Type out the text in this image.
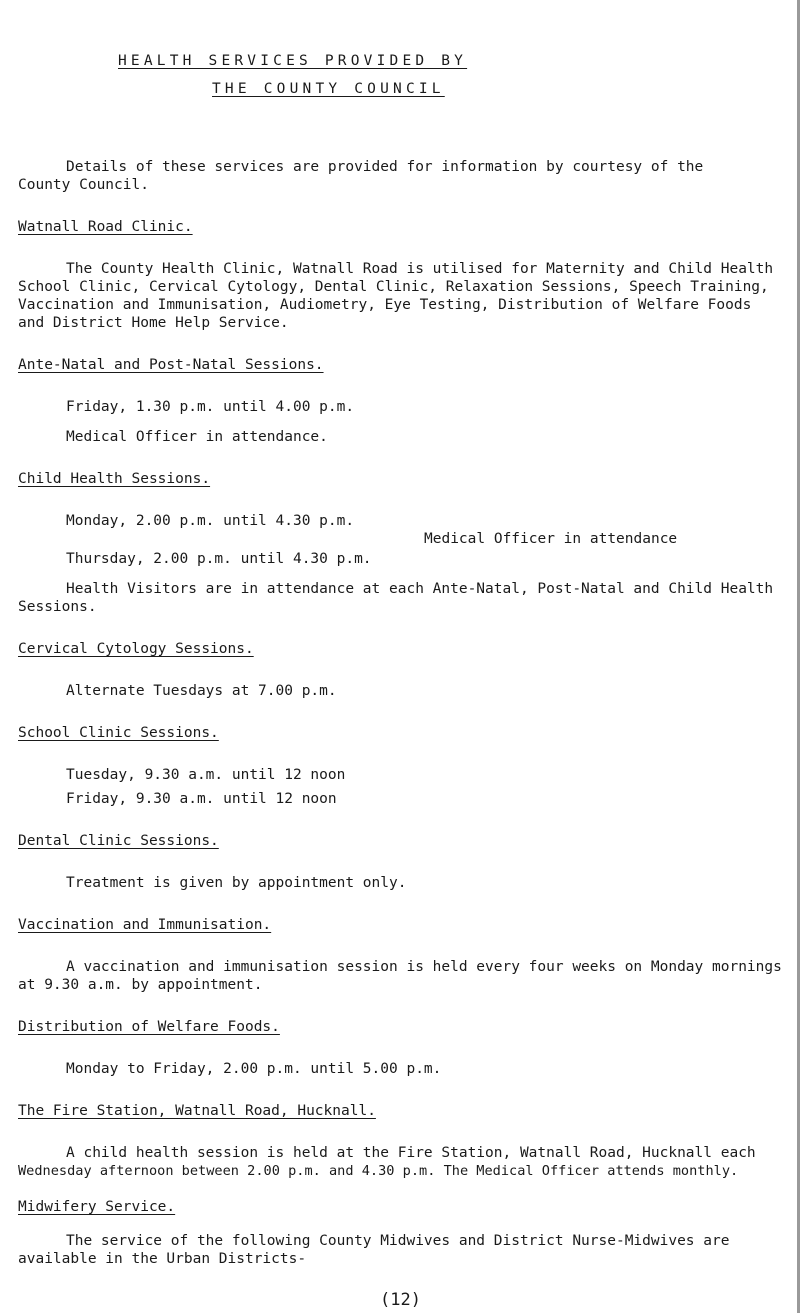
HEALTH SERVICES PROVIDED BY
THE COUNTY COUNCIL
Details of these services are provided for information by courtesy of the
County Council.
Watnall Road Clinic.
The County Health Clinic, Watnall Road is utilised for Maternity and Child Health
School Clinic, Cervical Cytology, Dental Clinic, Relaxation Sessions, Speech Training,
Vaccination and Immunisation, Audiometry, Eye Testing, Distribution of Welfare Foods
and District Home Help Service.
Ante-Natal and Post-Natal Sessions.
Friday, 1.30 p.m. until 4.00 p.m.
Medical Officer in attendance.
Child Health Sessions.
Monday, 2.00 p.m. until 4.30 p.m.
Medical Officer in attendance
Thursday, 2.00 p.m. until 4.30 p.m.
Health Visitors are in attendance at each Ante-Natal, Post-Natal and Child Health
Sessions.
Cervical Cytology Sessions.
Alternate Tuesdays at 7.00 p.m.
School Clinic Sessions.
Tuesday, 9.30 a.m. until 12 noon
Friday, 9.30 a.m. until 12 noon
Dental Clinic Sessions.
Treatment is given by appointment only.
Vaccination and Immunisation.
A vaccination and immunisation session is held every four weeks on Monday mornings
at 9.30 a.m. by appointment.
Distribution of Welfare Foods.
Monday to Friday, 2.00 p.m. until 5.00 p.m.
The Fire Station, Watnall Road, Hucknall.
A child health session is held at the Fire Station, Watnall Road, Hucknall each
Wednesday afternoon between 2.00 p.m. and 4.30 p.m. The Medical Officer attends monthly.
Midwifery Service.
The service of the following County Midwives and District Nurse-Midwives are
available in the Urban Districts-
(12)
